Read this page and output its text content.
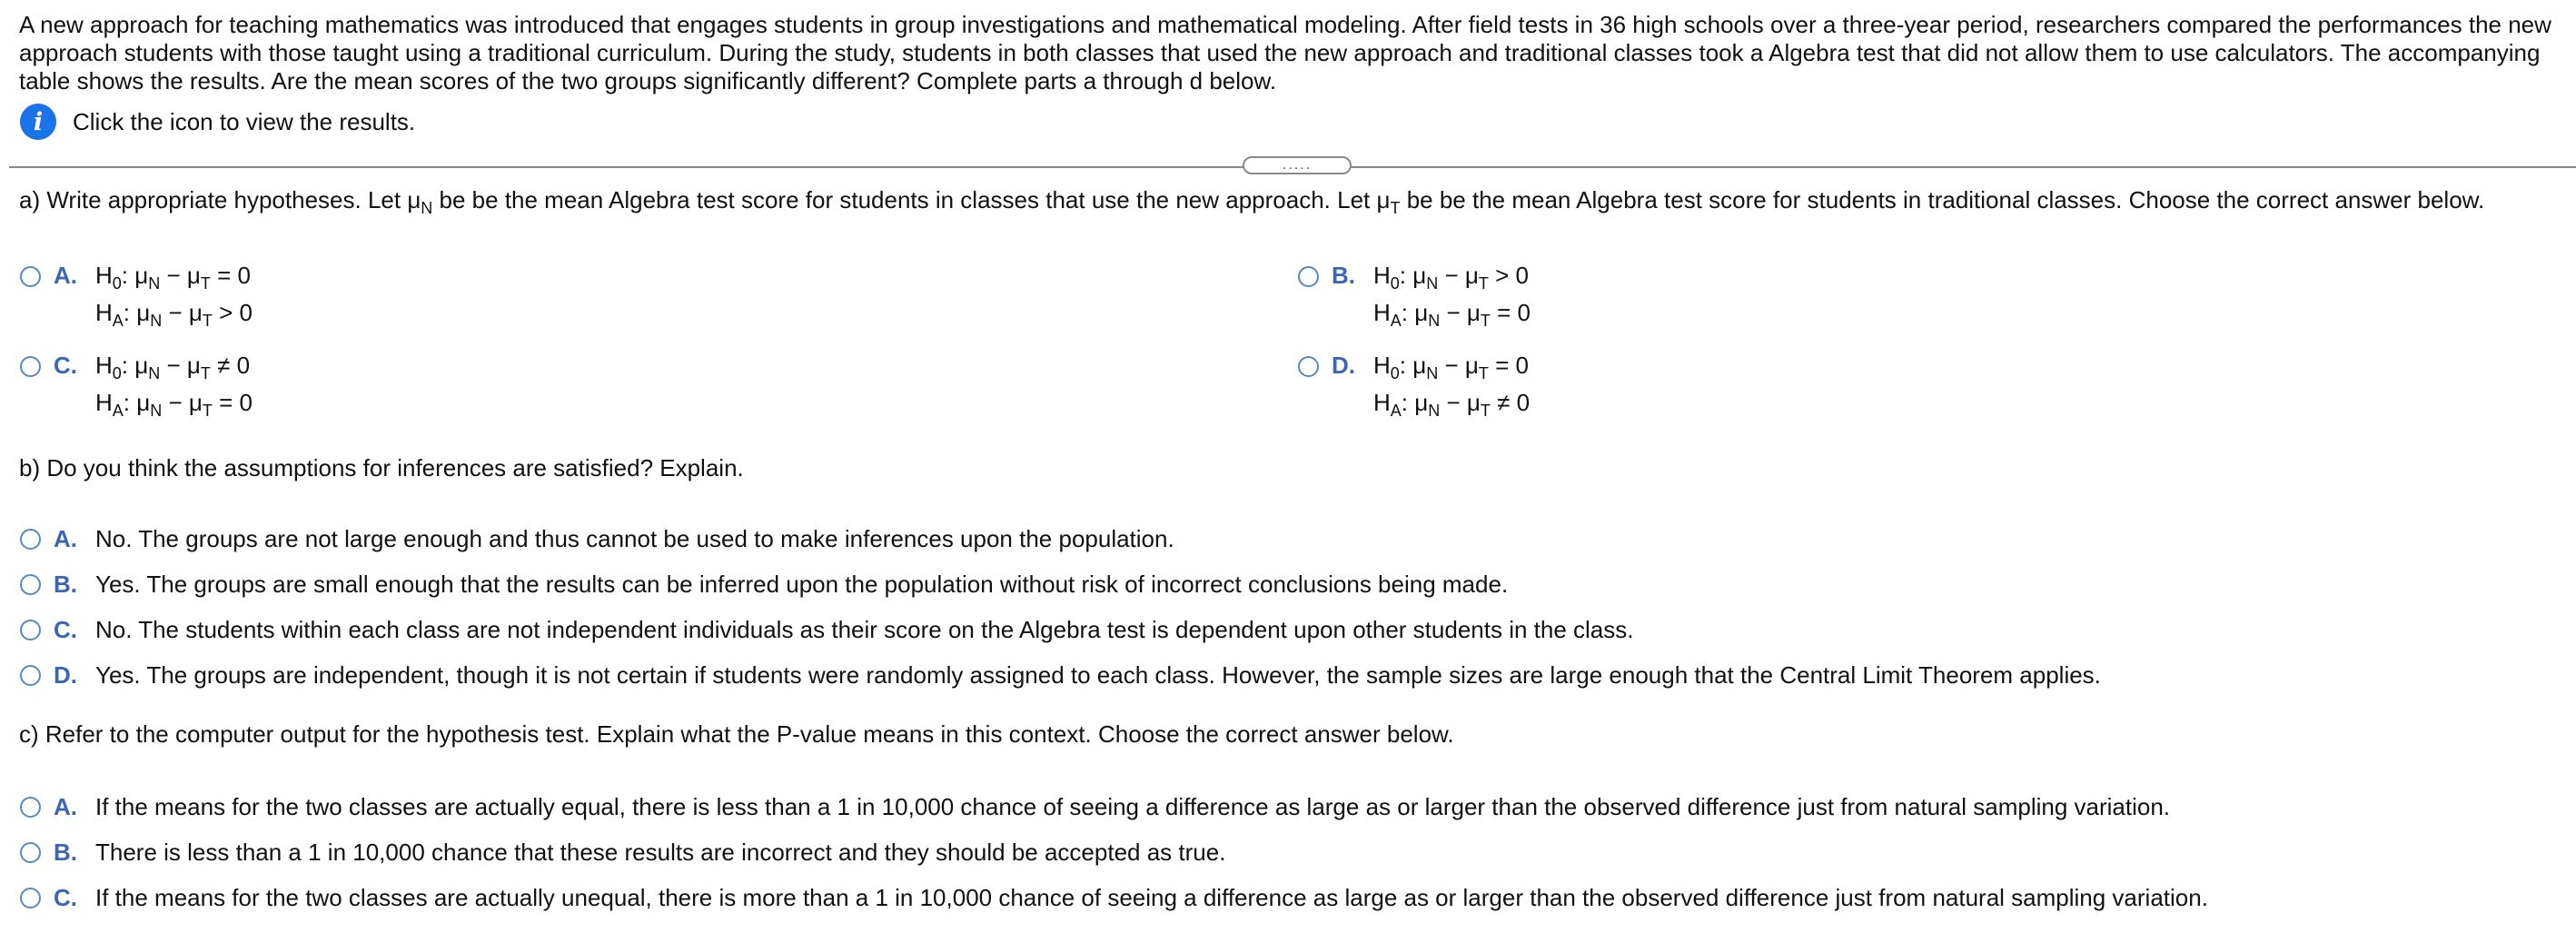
A new approach for teaching mathematics was introduced that engages students in group investigations and mathematical modeling. After field tests in 36 high schools over a three-year period, researchers compared the performances the new approach students with those taught using a traditional curriculum. During the study, students in both classes that used the new approach and traditional classes took a Algebra test that did not allow them to use calculators. The accompanying table shows the results. Are the mean scores of the two groups significantly different? Complete parts a through d below.
i	Click the icon to view the results.
.....
a) Write appropriate hypotheses. Let $\mu_N$ be be the mean Algebra test score for students in classes that use the new approach. Let $\mu_T$ be be the mean Algebra test score for students in traditional classes. Choose the correct answer below.
A. $H_0$: $\mu_N - \mu_T = 0$
$H_A$: $\mu_N - \mu_T > 0$
B. $H_0$: $\mu_N - \mu_T > 0$
$H_A$: $\mu_N - \mu_T = 0$
C. $H_0$: $\mu_N - \mu_T \ne 0$
$H_A$: $\mu_N - \mu_T = 0$
D. $H_0$: $\mu_N - \mu_T = 0$
$H_A$: $\mu_N - \mu_T \ne 0$
b) Do you think the assumptions for inferences are satisfied? Explain.
A. No. The groups are not large enough and thus cannot be used to make inferences upon the population.
B. Yes. The groups are small enough that the results can be inferred upon the population without risk of incorrect conclusions being made.
C. No. The students within each class are not independent individuals as their score on the Algebra test is dependent upon other students in the class.
D. Yes. The groups are independent, though it is not certain if students were randomly assigned to each class. However, the sample sizes are large enough that the Central Limit Theorem applies.
c) Refer to the computer output for the hypothesis test. Explain what the P-value means in this context. Choose the correct answer below.
A. If the means for the two classes are actually equal, there is less than a 1 in 10,000 chance of seeing a difference as large as or larger than the observed difference just from natural sampling variation.
B. There is less than a 1 in 10,000 chance that these results are incorrect and they should be accepted as true.
C. If the means for the two classes are actually unequal, there is more than a 1 in 10,000 chance of seeing a difference as large as or larger than the observed difference just from natural sampling variation.
